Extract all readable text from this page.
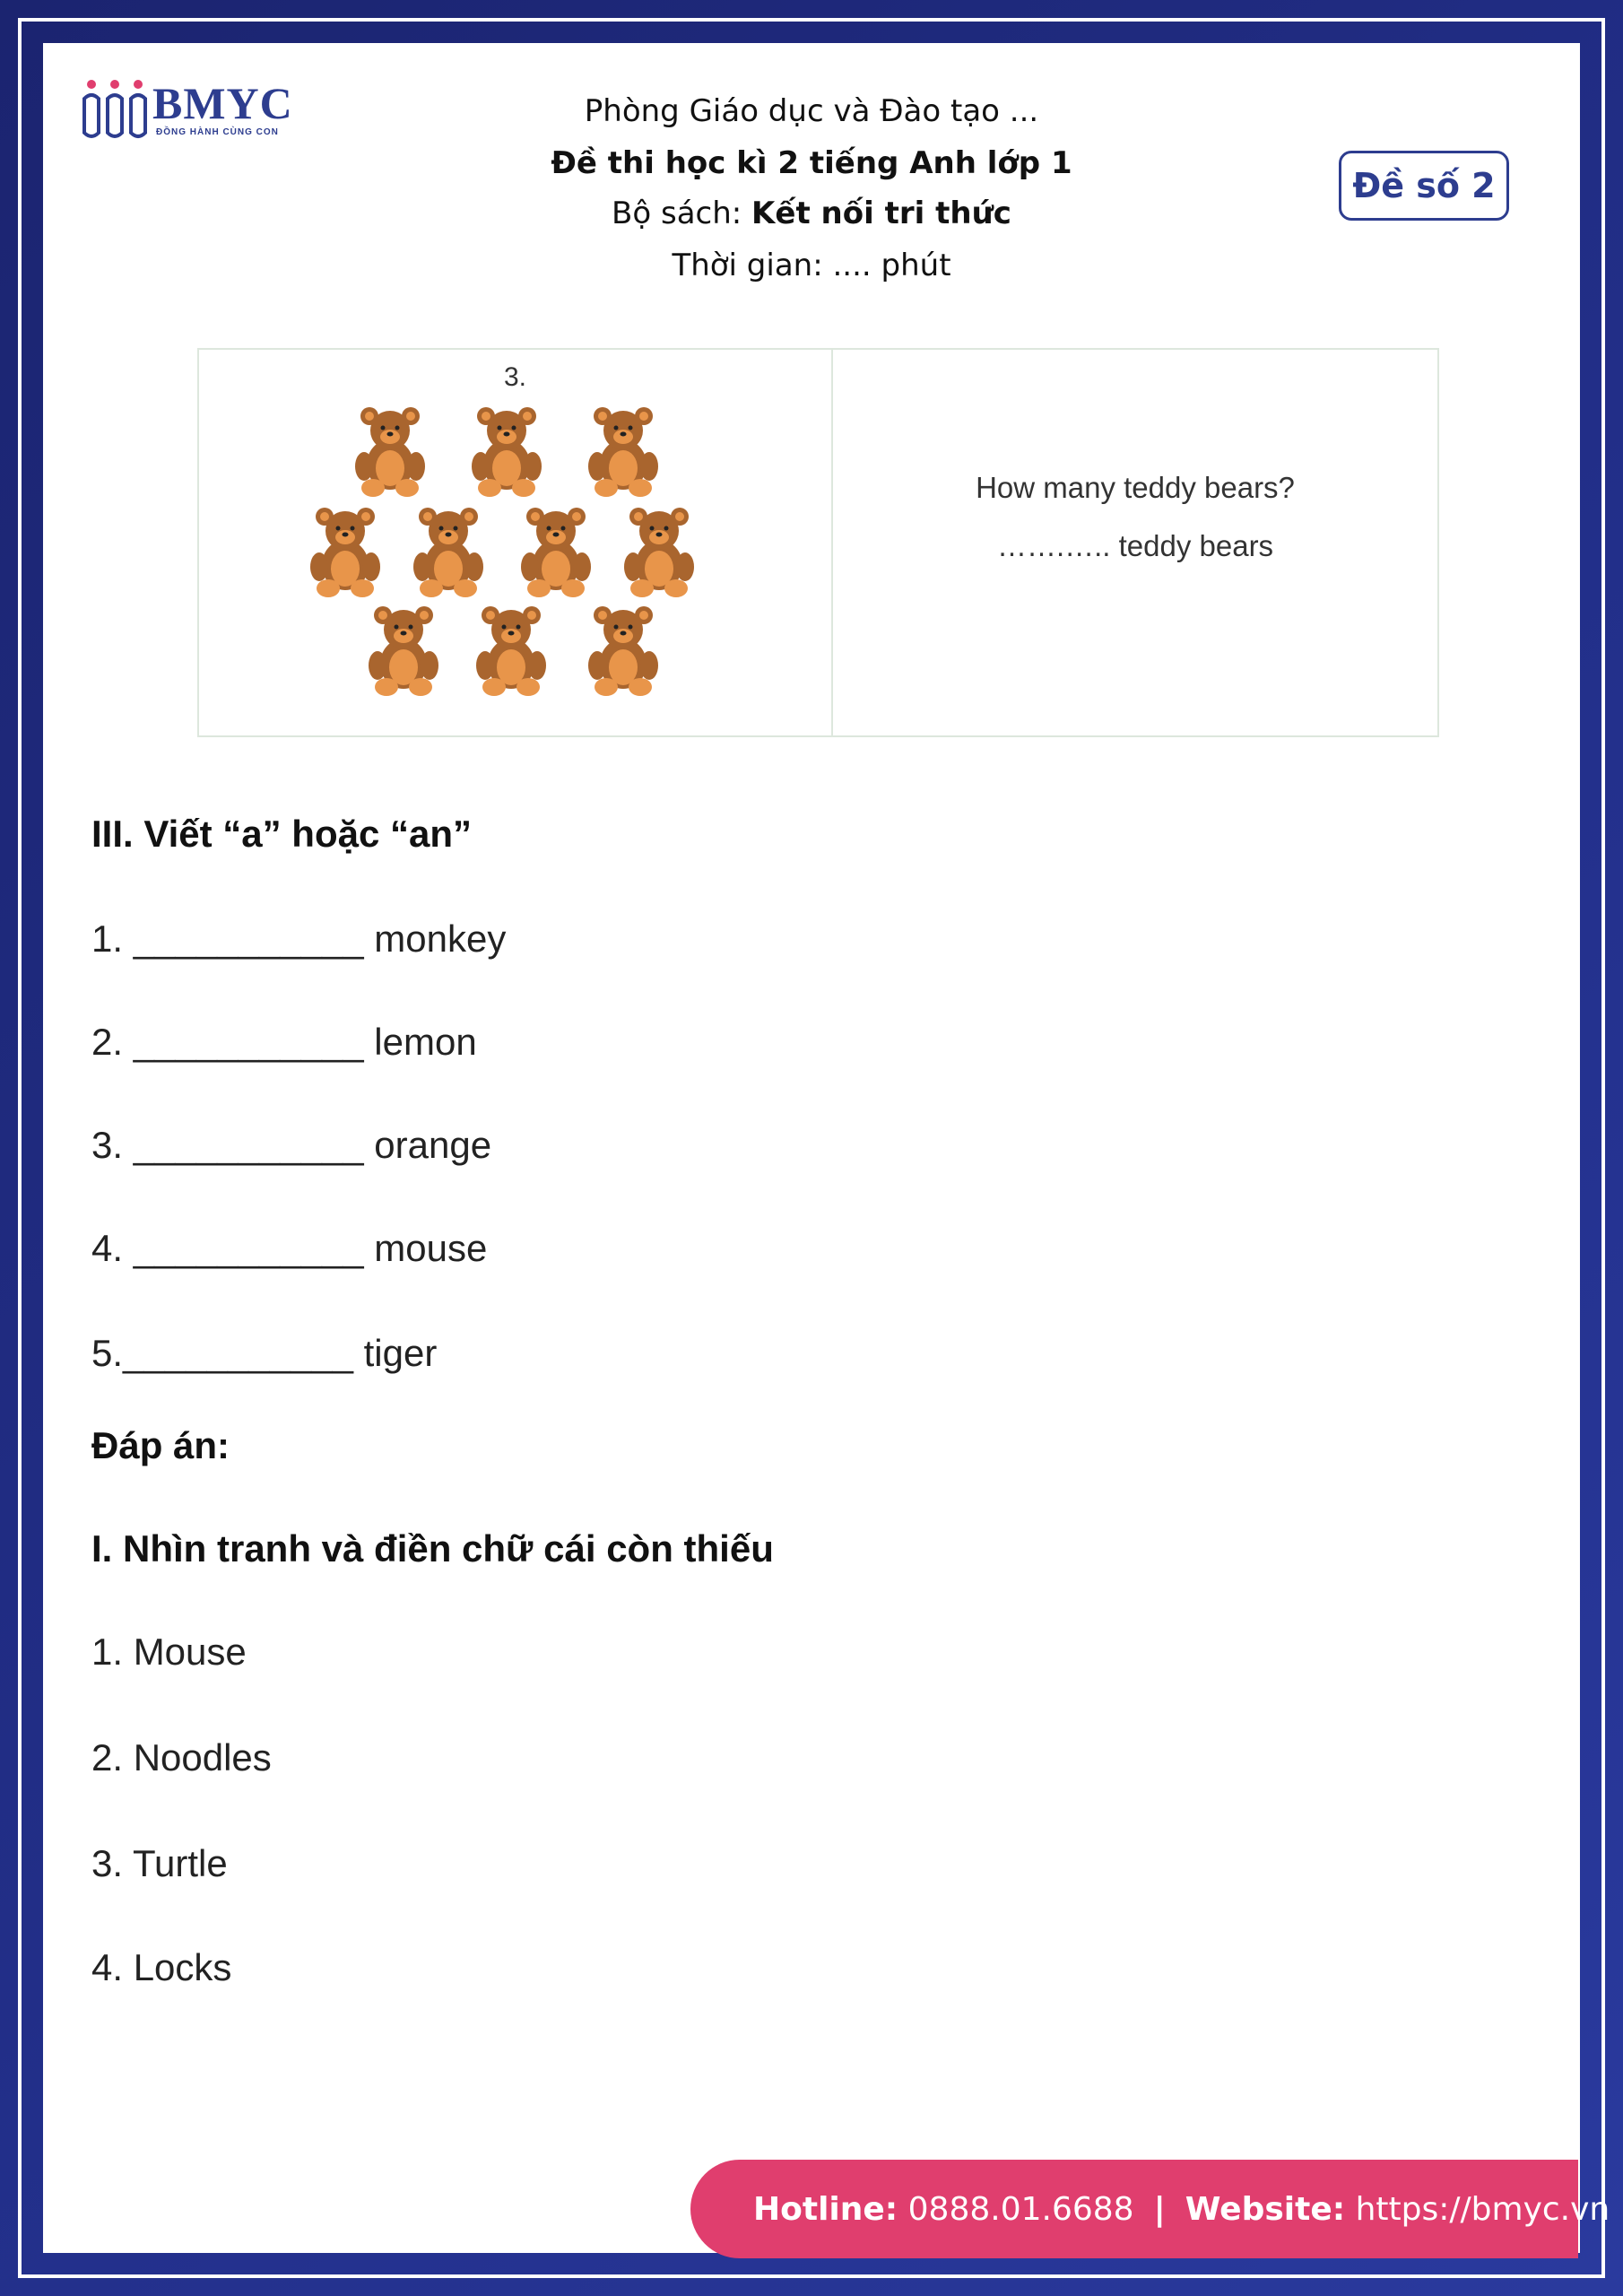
BMYC
ĐỒNG HÀNH CÙNG CON
Phòng Giáo dục và Đào tạo ...
Đề thi học kì 2 tiếng Anh lớp 1
Bộ sách: Kết nối tri thức
Thời gian: .... phút
Đề số 2
3.
How many teddy bears?
…….….. teddy bears
III. Viết “a” hoặc “an”
1. ___________ monkey
2. ___________ lemon
3. ___________ orange
4. ___________ mouse
5.___________ tiger
Đáp án:
I. Nhìn tranh và điền chữ cái còn thiếu
1. Mouse
2. Noodles
3. Turtle
4. Locks
Hotline:
0888.01.6688 | Website:
https://bmyc.vn
